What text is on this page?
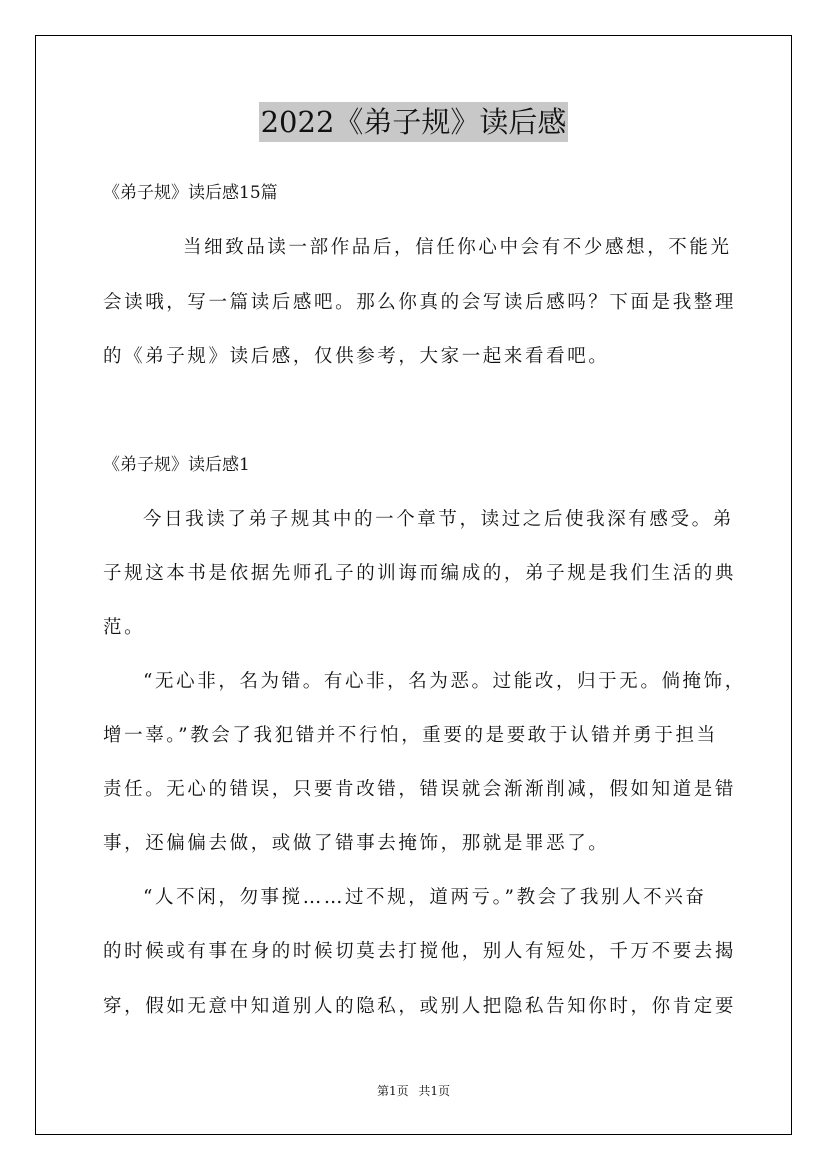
2022《弟子规》读后感
《弟子规》读后感15篇
当细致品读一部作品后，信任你心中会有不少感想，不能光
会读哦，写一篇读后感吧。那么你真的会写读后感吗？下面是我整理
的《弟子规》读后感，仅供参考，大家一起来看看吧。
《弟子规》读后感1
今日我读了弟子规其中的一个章节，读过之后使我深有感受。弟
子规这本书是依据先师孔子的训诲而编成的，弟子规是我们生活的典
范。
“无心非，名为错。有心非，名为恶。过能改，归于无。倘掩饰，
增一辜。”教会了我犯错并不行怕，重要的是要敢于认错并勇于担当
责任。无心的错误，只要肯改错，错误就会渐渐削减，假如知道是错
事，还偏偏去做，或做了错事去掩饰，那就是罪恶了。
“人不闲，勿事搅……过不规，道两亏。”教会了我别人不兴奋
的时候或有事在身的时候切莫去打搅他，别人有短处，千万不要去揭
穿，假如无意中知道别人的隐私，或别人把隐私告知你时，你肯定要
第1页 共1页
